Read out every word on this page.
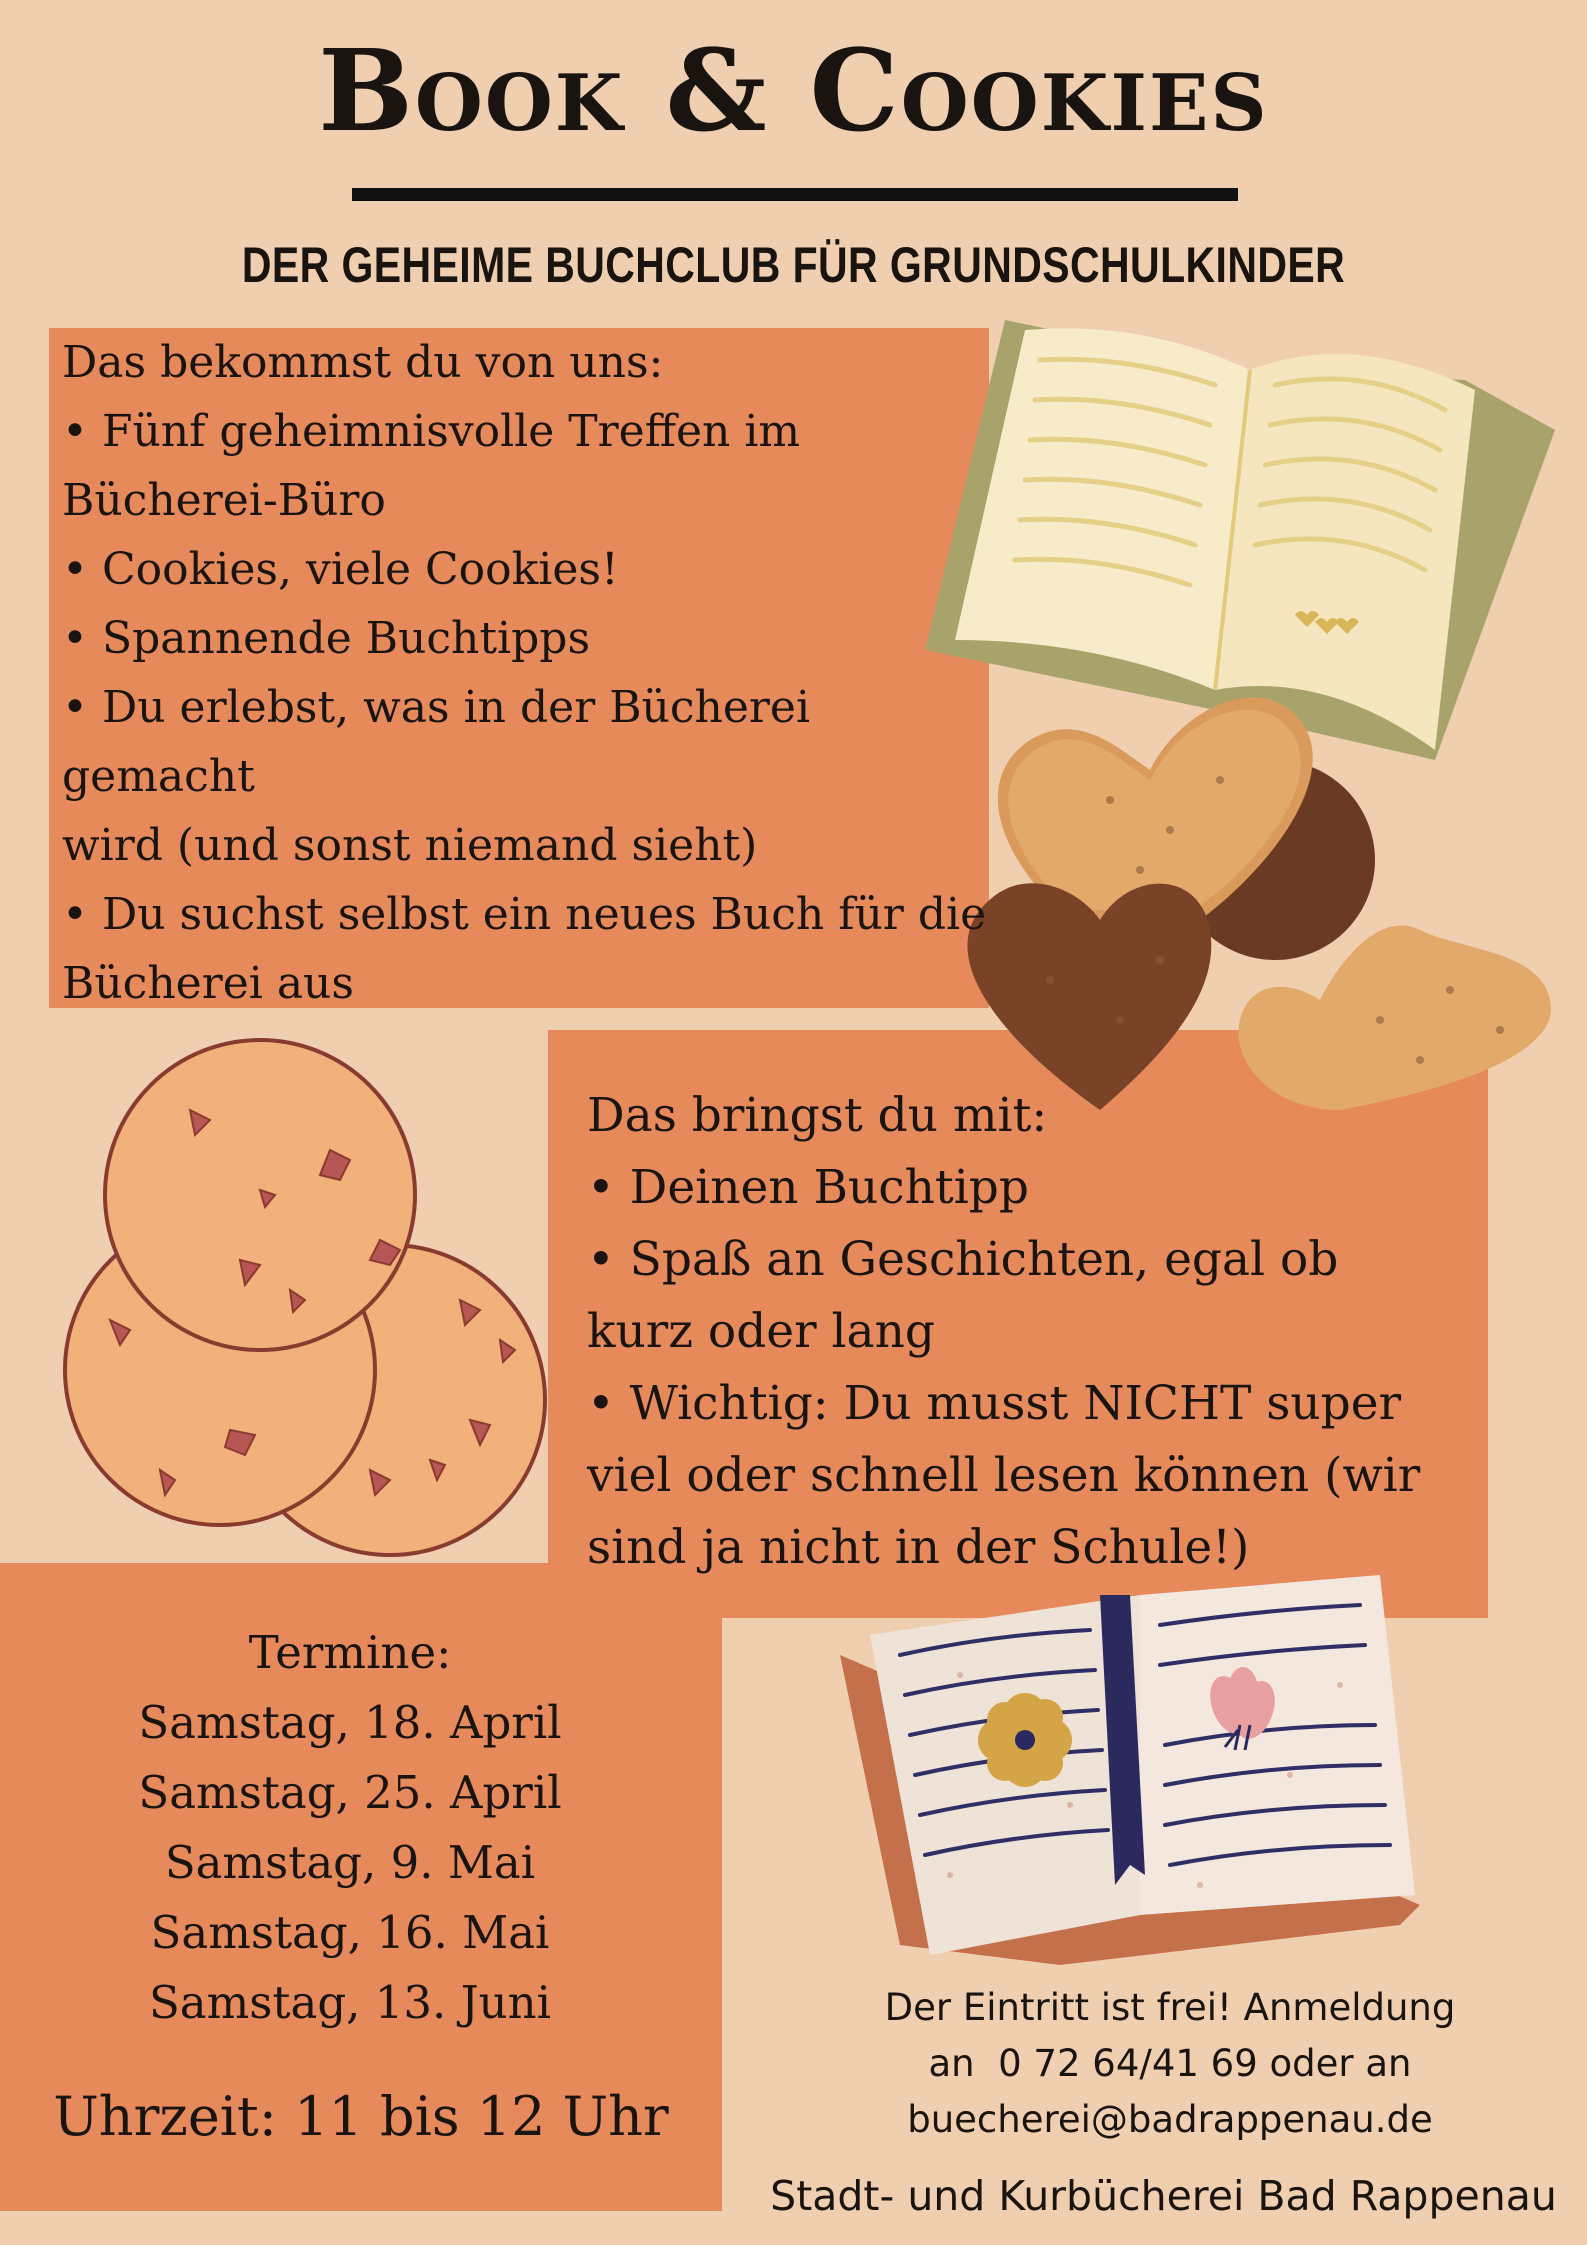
Book & Cookies
DER GEHEIME BUCHCLUB FÜR GRUNDSCHULKINDER
Das bekommst du von uns:
• Fünf geheimnisvolle Treffen im
Bücherei-Büro
• Cookies, viele Cookies!
• Spannende Buchtipps
• Du erlebst, was in der Bücherei gemacht
wird (und sonst niemand sieht)
• Du suchst selbst ein neues Buch für die
Bücherei aus
Das bringst du mit:
• Deinen Buchtipp
• Spaß an Geschichten, egal ob
kurz oder lang
• Wichtig: Du musst NICHT super
viel oder schnell lesen können (wir
sind ja nicht in der Schule!)
Termine:
Samstag, 18. April
Samstag, 25. April
Samstag, 9. Mai
Samstag, 16. Mai
Samstag, 13. Juni
Uhrzeit: 11 bis 12 Uhr
Der Eintritt ist frei! Anmeldung
an  0 72 64/41 69 oder an
buecherei@badrappenau.de
Stadt- und Kurbücherei Bad Rappenau
